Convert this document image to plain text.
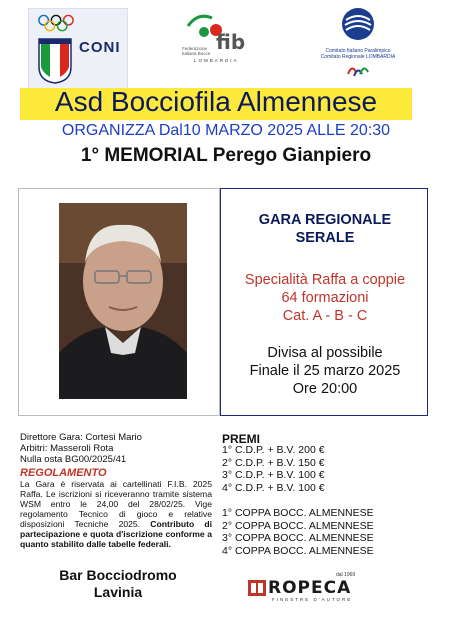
CONI	fib
Federazione Italiana Bocce
LOMBARDIA
Comitato Italiano Paralimpico
Comitato Regionale LOMBARDIA
Asd Bocciofila Almennese
ORGANIZZA Dal10 MARZO 2025 ALLE 20:30
1° MEMORIAL Perego Gianpiero
GARA REGIONALE
SERALE
Specialità Raffa a coppie
64 formazioni
Cat. A - B - C
Divisa al possibile
Finale il 25 marzo 2025
Ore 20:00
Direttore Gara: Cortesi Mario
Arbitri: Masseroli Rota
Nulla osta BG00/2025/41
REGOLAMENTO
La Gara è riservata ai cartellinati F.I.B. 2025 Raffa. Le iscrizioni si riceveranno tramite sistema WSM entro le 24,00 del 28/02/25. Vige regolamento Tecnico di gioco e relative disposizioni Tecniche 2025. Contributo di partecipazione e quota d'iscrizione conforme a quanto stabilito dalle tabelle federali.
Bar Bocciodromo
Lavinia
PREMI
1° C.D.P. + B.V. 200 €
2° C.D.P. + B.V. 150 €
3° C.D.P. + B.V. 100 €
4° C.D.P. + B.V. 100 €
1° COPPA BOCC. ALMENNESE
2° COPPA BOCC. ALMENNESE
3° COPPA BOCC. ALMENNESE
4° COPPA BOCC. ALMENNESE
ROPECA
dal 1969
FINESTRE D'AUTORE
